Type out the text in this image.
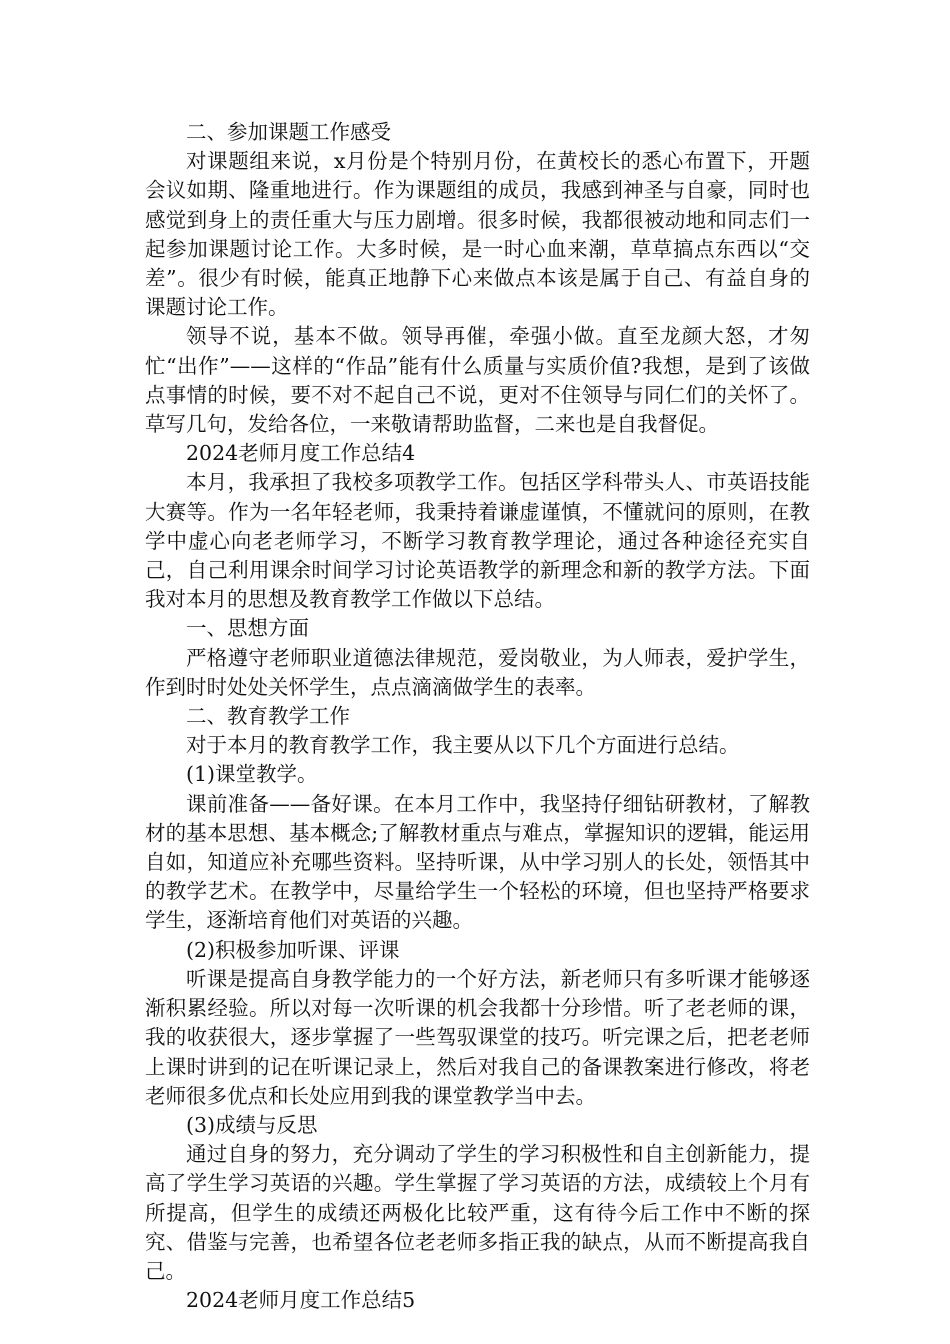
二、参加课题工作感受

对课题组来说，x月份是个特别月份，在黄校长的悉心布置下，开题会议如期、隆重地进行。作为课题组的成员，我感到神圣与自豪，同时也感觉到身上的责任重大与压力剧增。很多时候，我都很被动地和同志们一起参加课题讨论工作。大多时候，是一时心血来潮，草草搞点东西以“交差”。很少有时候，能真正地静下心来做点本该是属于自己、有益自身的课题讨论工作。

领导不说，基本不做。领导再催，牵强小做。直至龙颜大怒，才匆忙“出作”——这样的“作品”能有什么质量与实质价值?我想，是到了该做点事情的时候，要不对不起自己不说，更对不住领导与同仁们的关怀了。草写几句，发给各位，一来敬请帮助监督，二来也是自我督促。

2024老师月度工作总结4

本月，我承担了我校多项教学工作。包括区学科带头人、市英语技能大赛等。作为一名年轻老师，我秉持着谦虚谨慎，不懂就问的原则，在教学中虚心向老老师学习，不断学习教育教学理论，通过各种途径充实自己，自己利用课余时间学习讨论英语教学的新理念和新的教学方法。下面我对本月的思想及教育教学工作做以下总结。

一、思想方面

严格遵守老师职业道德法律规范，爱岗敬业，为人师表，爱护学生，作到时时处处关怀学生，点点滴滴做学生的表率。

二、教育教学工作

对于本月的教育教学工作，我主要从以下几个方面进行总结。

(1)课堂教学。

课前准备——备好课。在本月工作中，我坚持仔细钻研教材，了解教材的基本思想、基本概念;了解教材重点与难点，掌握知识的逻辑，能运用自如，知道应补充哪些资料。坚持听课，从中学习别人的长处，领悟其中的教学艺术。在教学中，尽量给学生一个轻松的环境，但也坚持严格要求学生，逐渐培育他们对英语的兴趣。

(2)积极参加听课、评课

听课是提高自身教学能力的一个好方法，新老师只有多听课才能够逐渐积累经验。所以对每一次听课的机会我都十分珍惜。听了老老师的课，我的收获很大，逐步掌握了一些驾驭课堂的技巧。听完课之后，把老老师上课时讲到的记在听课记录上，然后对我自己的备课教案进行修改，将老老师很多优点和长处应用到我的课堂教学当中去。

(3)成绩与反思

通过自身的努力，充分调动了学生的学习积极性和自主创新能力，提高了学生学习英语的兴趣。学生掌握了学习英语的方法，成绩较上个月有所提高，但学生的成绩还两极化比较严重，这有待今后工作中不断的探究、借鉴与完善，也希望各位老老师多指正我的缺点，从而不断提高我自己。

2024老师月度工作总结5
